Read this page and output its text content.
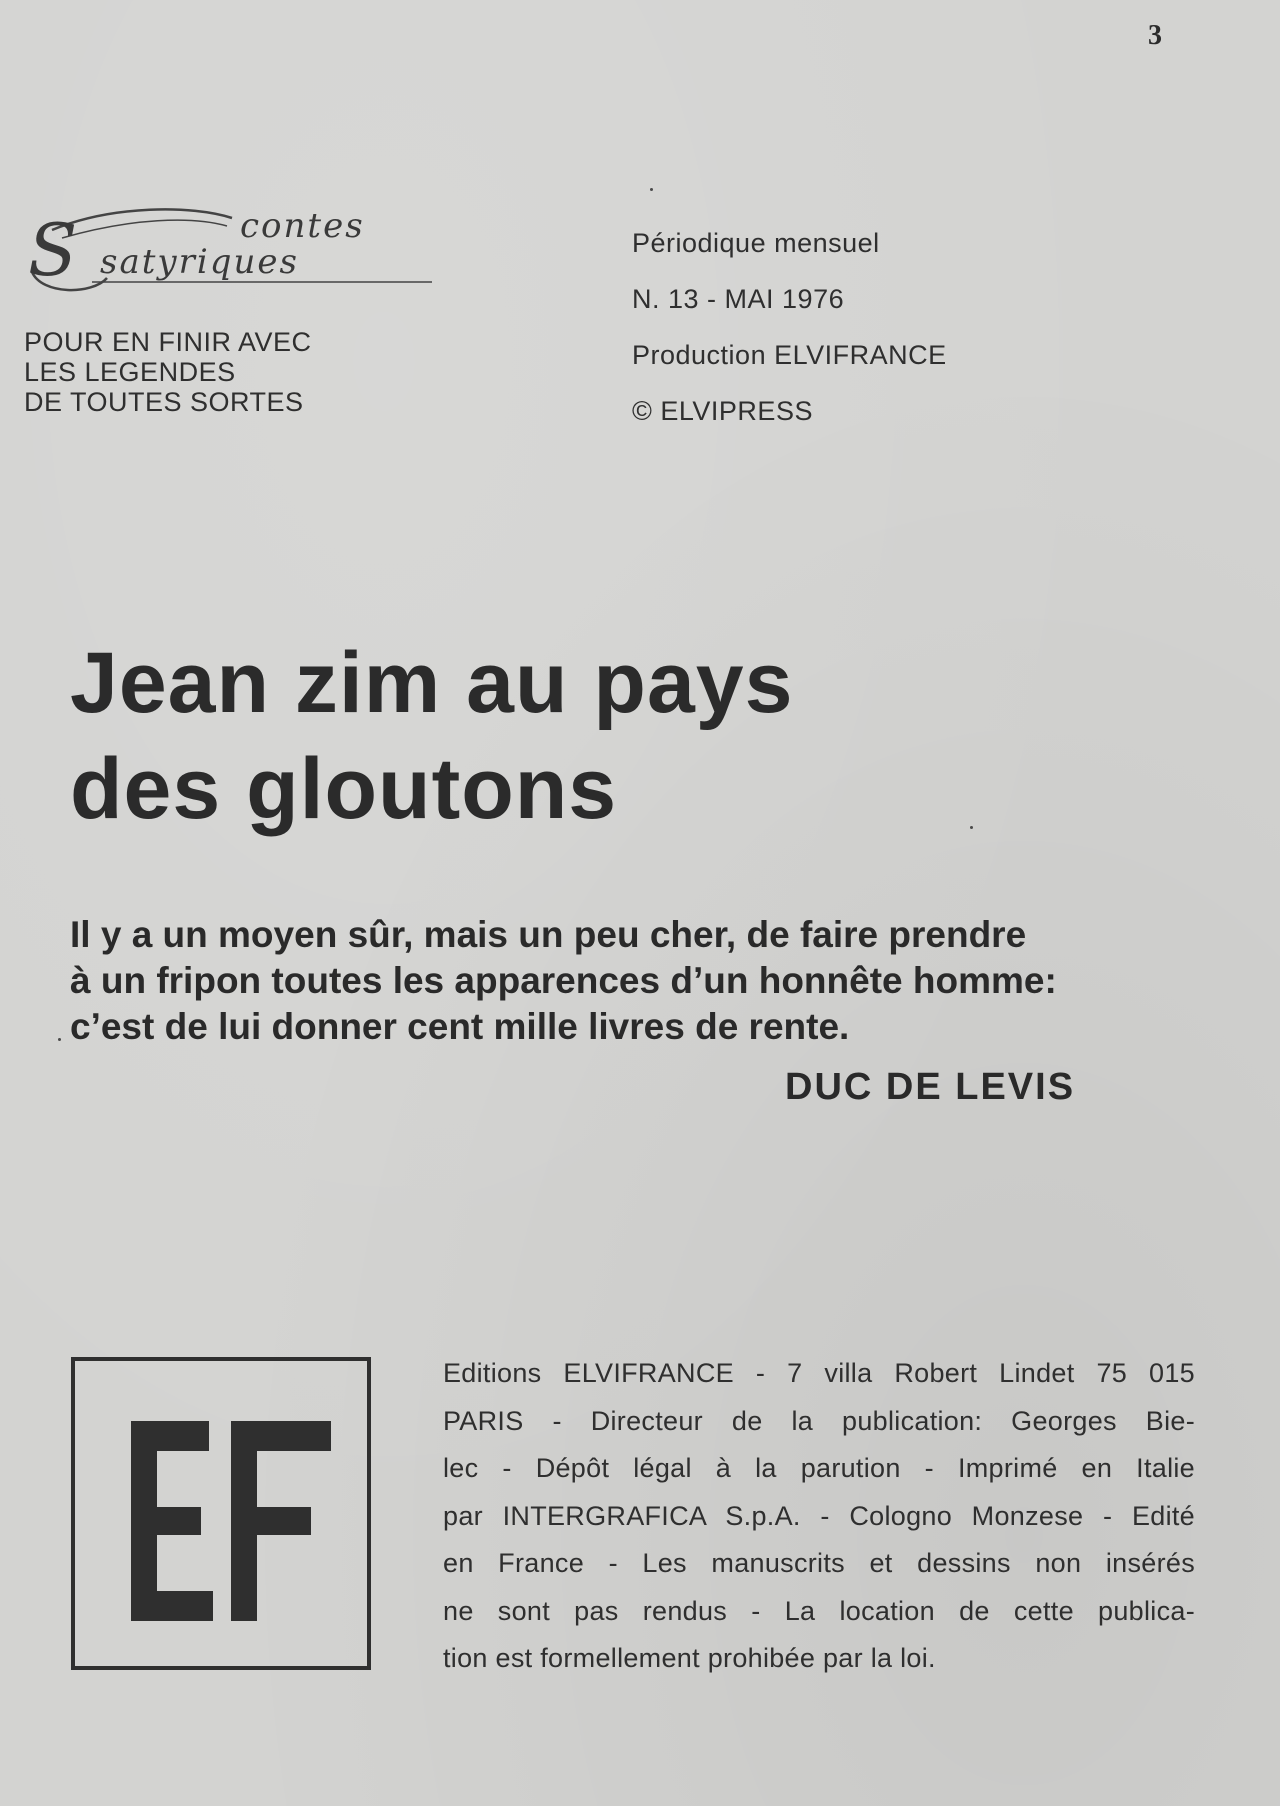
3
S	contes
satyriques
POUR EN FINIR AVEC
LES LEGENDES
DE TOUTES SORTES
Périodique mensuel
N. 13 - MAI 1976
Production ELVIFRANCE
© ELVIPRESS
Jean zim au pays
des gloutons
Il y a un moyen sûr, mais un peu cher, de faire prendre
à un fripon toutes les apparences d’un honnête homme:
c’est de lui donner cent mille livres de rente.
DUC DE LEVIS
Editions ELVIFRANCE - 7 villa Robert Lindet 75 015
PARIS - Directeur de la publication: Georges Bie-
lec - Dépôt légal à la parution - Imprimé en Italie
par INTERGRAFICA S.p.A. - Cologno Monzese - Edité
en France - Les manuscrits et dessins non insérés
ne sont pas rendus - La location de cette publica-
tion est formellement prohibée par la loi.
